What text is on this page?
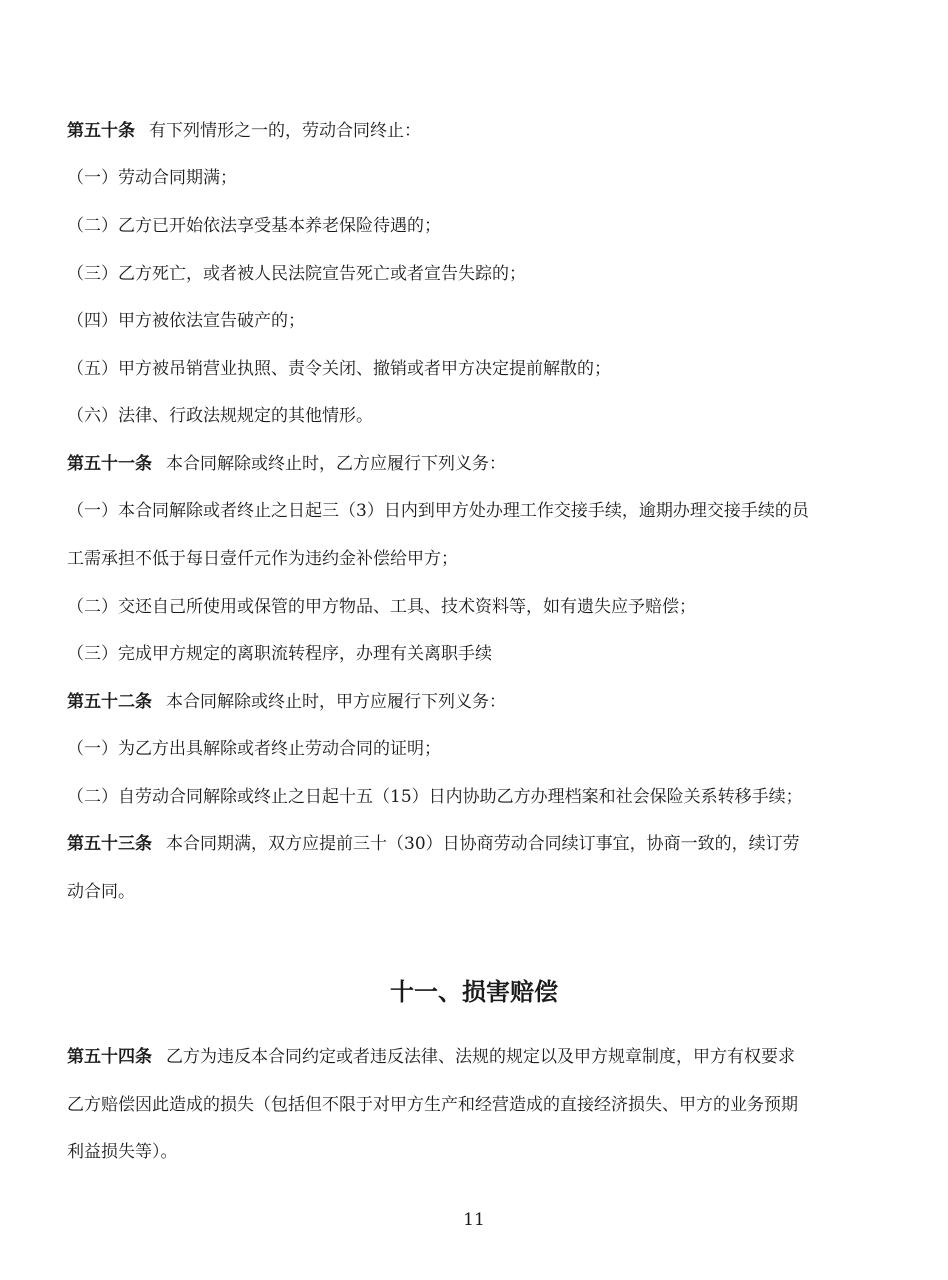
第五十条 有下列情形之一的，劳动合同终止：
（一）劳动合同期满；
（二）乙方已开始依法享受基本养老保险待遇的；
（三）乙方死亡，或者被人民法院宣告死亡或者宣告失踪的；
（四）甲方被依法宣告破产的；
（五）甲方被吊销营业执照、责令关闭、撤销或者甲方决定提前解散的；
（六）法律、行政法规规定的其他情形。
第五十一条 本合同解除或终止时，乙方应履行下列义务：
（一）本合同解除或者终止之日起三（3）日内到甲方处办理工作交接手续，逾期办理交接手续的员
工需承担不低于每日壹仟元作为违约金补偿给甲方；
（二）交还自己所使用或保管的甲方物品、工具、技术资料等，如有遗失应予赔偿；
（三）完成甲方规定的离职流转程序，办理有关离职手续
第五十二条 本合同解除或终止时，甲方应履行下列义务：
（一）为乙方出具解除或者终止劳动合同的证明；
（二）自劳动合同解除或终止之日起十五（15）日内协助乙方办理档案和社会保险关系转移手续；
第五十三条 本合同期满，双方应提前三十（30）日协商劳动合同续订事宜，协商一致的，续订劳
动合同。
十一、损害赔偿
第五十四条 乙方为违反本合同约定或者违反法律、法规的规定以及甲方规章制度，甲方有权要求
乙方赔偿因此造成的损失（包括但不限于对甲方生产和经营造成的直接经济损失、甲方的业务预期
利益损失等）。
11
